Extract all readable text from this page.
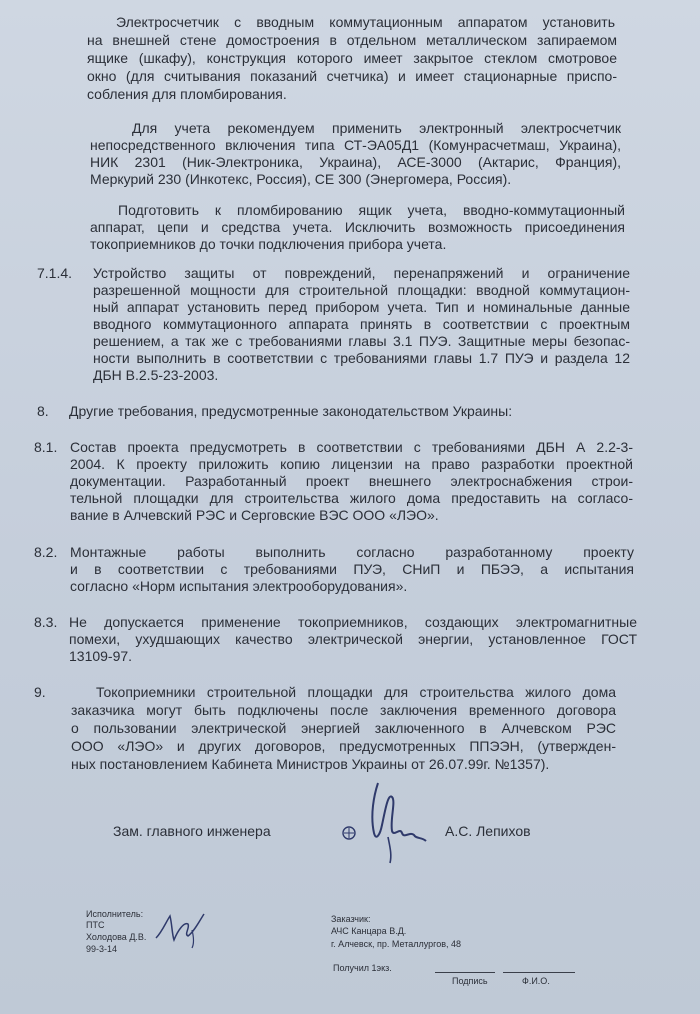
Электросчетчик с вводным коммутационным аппаратом установить
на внешней стене домостроения в отдельном металлическом запираемом
ящике (шкафу), конструкция которого имеет закрытое стеклом смотровое
окно (для считывания показаний счетчика) и имеет стационарные приспо-
собления для пломбирования.
Для учета рекомендуем применить электронный электросчетчик
непосредственного включения типа СТ-ЭА05Д1 (Комунрасчетмаш, Украина),
НИК 2301 (Ник-Электроника, Украина), АСЕ-3000 (Актарис, Франция),
Меркурий 230 (Инкотекс, Россия), СЕ 300 (Энергомера, Россия).
Подготовить к пломбированию ящик учета, вводно-коммутационный
аппарат, цепи и средства учета. Исключить возможность присоединения
токоприемников до точки подключения прибора учета.
7.1.4. Устройство защиты от повреждений, перенапряжений и ограничение
разрешенной мощности для строительной площадки: вводной коммутацион-
ный аппарат установить перед прибором учета. Тип и номинальные данные
вводного коммутационного аппарата принять в соответствии с проектным
решением, а так же с требованиями главы 3.1 ПУЭ. Защитные меры безопас-
ности выполнить в соответствии с требованиями главы 1.7 ПУЭ и раздела 12
ДБН В.2.5-23-2003.
8. Другие требования, предусмотренные законодательством Украины:
8.1. Состав проекта предусмотреть в соответствии с требованиями ДБН А 2.2-3-
2004. К проекту приложить копию лицензии на право разработки проектной
документации. Разработанный проект внешнего электроснабжения строи-
тельной площадки для строительства жилого дома предоставить на согласо-
вание в Алчевский РЭС и Серговские ВЭС ООО «ЛЭО».
8.2. Монтажные работы выполнить согласно разработанному проекту
и в соответствии с требованиями ПУЭ, СНиП и ПБЭЭ, а испытания
согласно «Норм испытания электрооборудования».
8.3. Не допускается применение токоприемников, создающих электромагнитные
помехи, ухудшающих качество электрической энергии, установленное ГОСТ
13109-97.
9.	Токоприемники строительной площадки для строительства жилого дома
заказчика могут быть подключены после заключения временного договора
о пользовании электрической энергией заключенного в Алчевском РЭС
ООО «ЛЭО» и других договоров, предусмотренных ППЭЭН, (утвержден-
ных постановлением Кабинета Министров Украины от 26.07.99г. №1357).
Зам. главного инженера	А.С. Лепихов
Исполнитель:
ПТС
Холодова Д.В.
99-3-14
Заказчик:
АЧС Канцара В.Д.
г. Алчевск, пр. Металлургов, 48
Получил 1экз.
Подпись	Ф.И.О.
